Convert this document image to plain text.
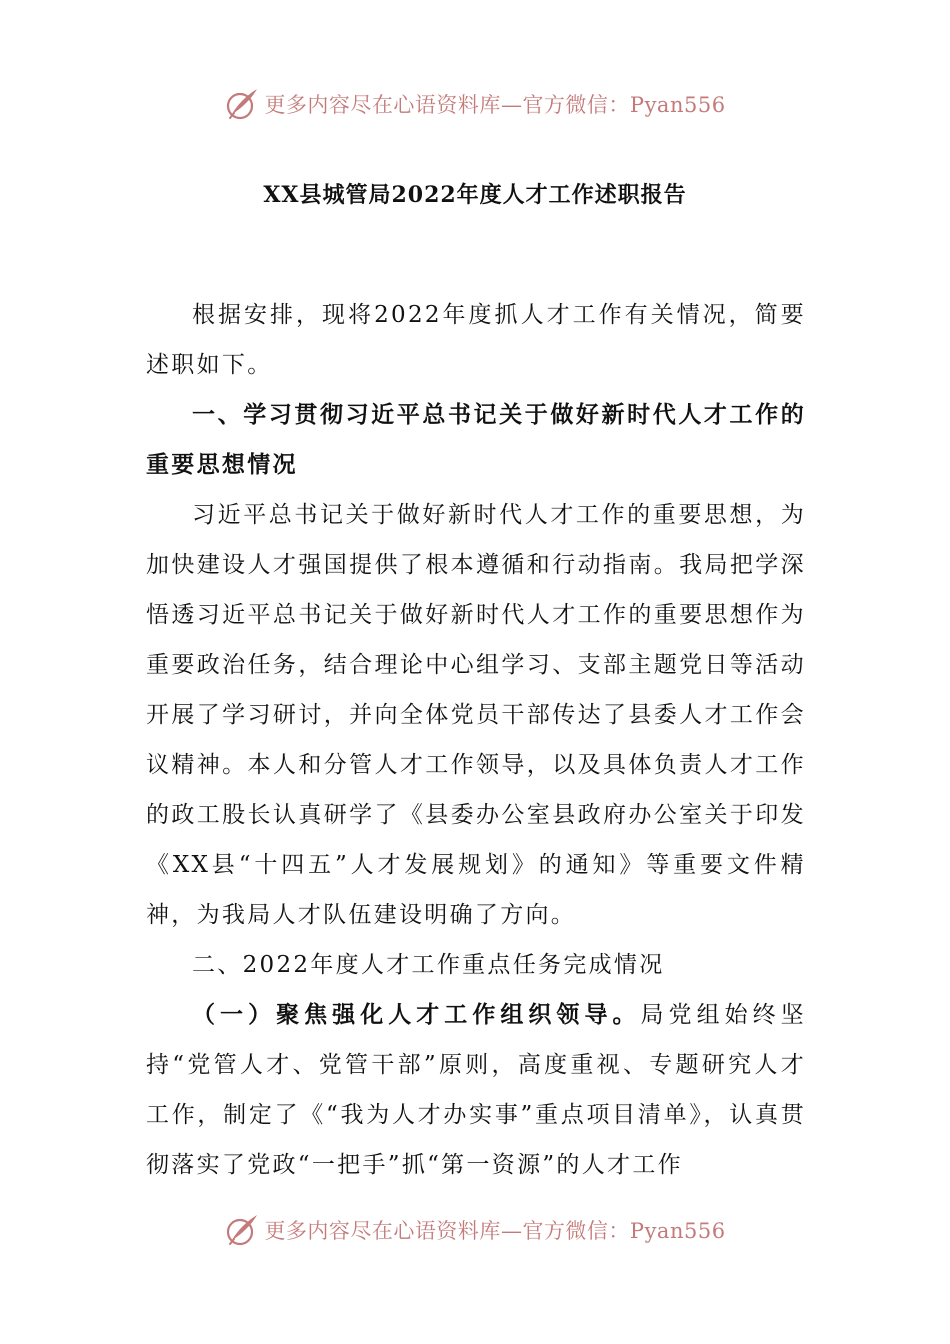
更多内容尽在心语资料库—官方微信：Pyan556
XX县城管局2022年度人才工作述职报告

根据安排，现将2022年度抓人才工作有关情况，简要述职如下。

一、学习贯彻习近平总书记关于做好新时代人才工作的重要思想情况

习近平总书记关于做好新时代人才工作的重要思想，为加快建设人才强国提供了根本遵循和行动指南。我局把学深悟透习近平总书记关于做好新时代人才工作的重要思想作为重要政治任务，结合理论中心组学习、支部主题党日等活动开展了学习研讨，并向全体党员干部传达了县委人才工作会议精神。本人和分管人才工作领导，以及具体负责人才工作的政工股长认真研学了《县委办公室县政府办公室关于印发《XX县“十四五”人才发展规划》的通知》等重要文件精神，为我局人才队伍建设明确了方向。

二、2022年度人才工作重点任务完成情况

（一）聚焦强化人才工作组织领导。局党组始终坚持“党管人才、党管干部”原则，高度重视、专题研究人才工作，制定了《“我为人才办实事”重点项目清单》，认真贯彻落实了党政“一把手”抓“第一资源”的人才工作

更多内容尽在心语资料库—官方微信：Pyan556
